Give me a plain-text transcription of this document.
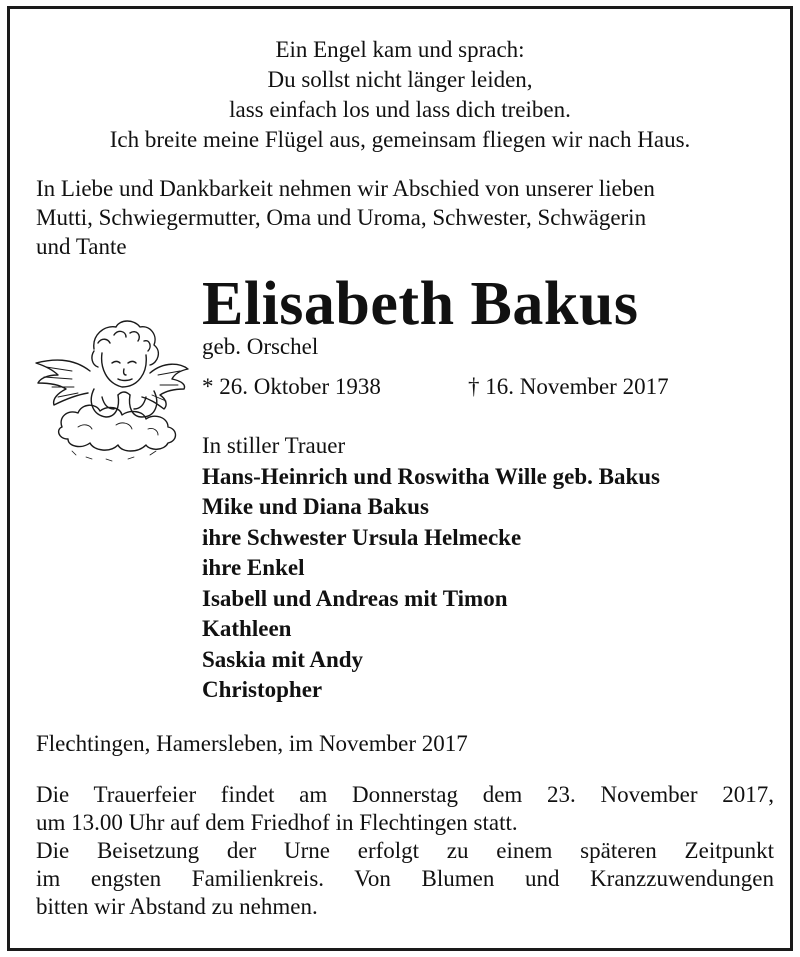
Ein Engel kam und sprach:
Du sollst nicht länger leiden,
lass einfach los und lass dich treiben.
Ich breite meine Flügel aus, gemeinsam fliegen wir nach Haus.
In Liebe und Dankbarkeit nehmen wir Abschied von unserer lieben
Mutti, Schwiegermutter, Oma und Uroma, Schwester, Schwägerin
und Tante
Elisabeth Bakus
geb. Orschel
* 26. Oktober 1938	† 16. November 2017
In stiller Trauer
Hans-Heinrich und Roswitha Wille geb. Bakus
Mike und Diana Bakus
ihre Schwester Ursula Helmecke
ihre Enkel
Isabell und Andreas mit Timon
Kathleen
Saskia mit Andy
Christopher
Flechtingen, Hamersleben, im November 2017
Die Trauerfeier findet am Donnerstag dem 23. November 2017,
um 13.00 Uhr auf dem Friedhof in Flechtingen statt.
Die Beisetzung der Urne erfolgt zu einem späteren Zeitpunkt
im engsten Familienkreis. Von Blumen und Kranzzuwendungen
bitten wir Abstand zu nehmen.
